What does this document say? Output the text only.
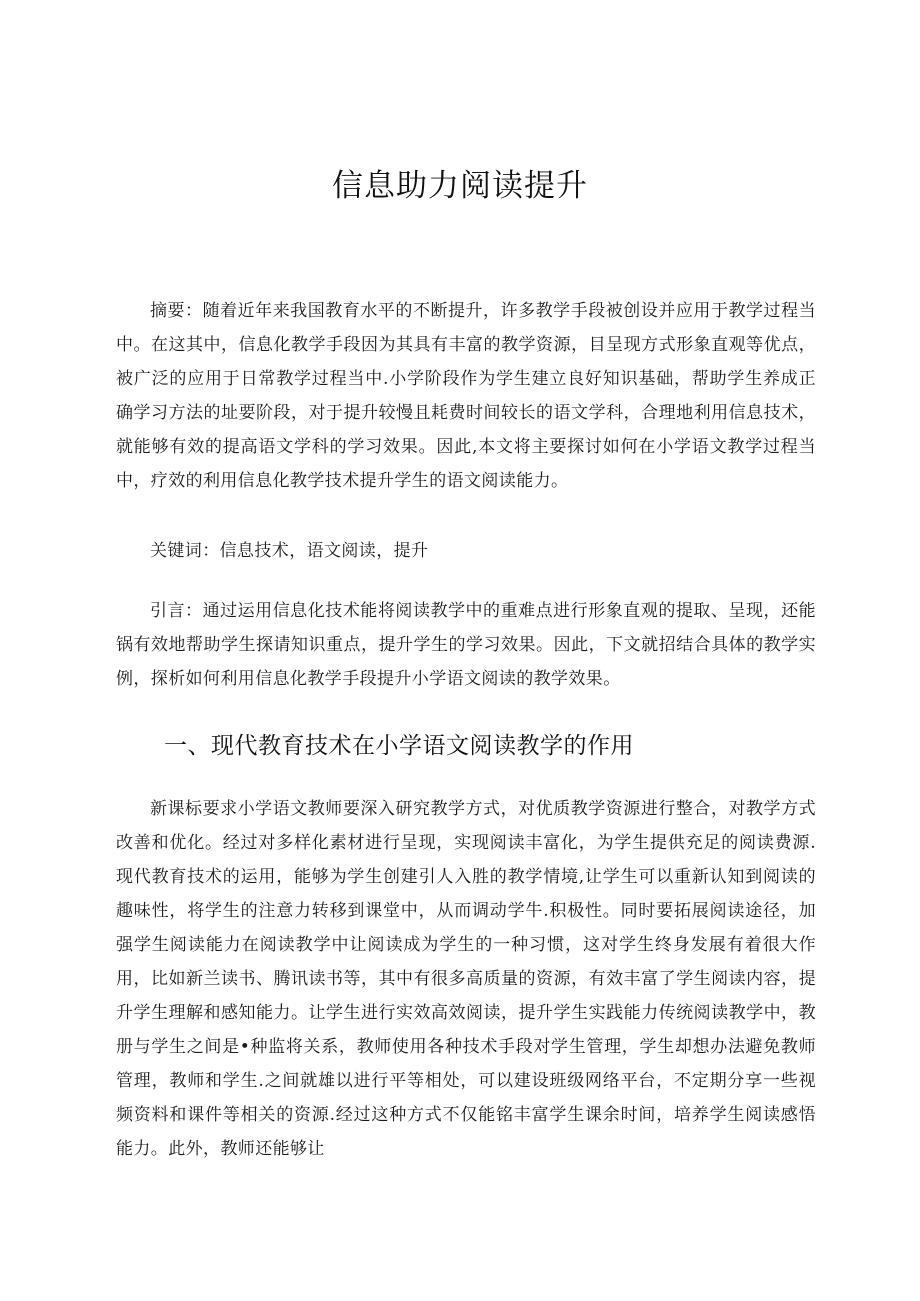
信息助力阅读提升

摘要：随着近年来我国教育水平的不断提升，许多教学手段被创设并应用于教学过程当中。在这其中，信息化教学手段因为其具有丰富的教学资源，目呈现方式形象直观等优点，被广泛的应用于日常教学过程当中.小学阶段作为学生建立良好知识基础，帮助学生养成正确学习方法的址要阶段，对于提升较慢且耗费时间较长的语文学科，合理地利用信息技术，就能够有效的提高语文学科的学习效果。因此,本文将主要探讨如何在小学语文教学过程当中，疗效的利用信息化教学技术提升学生的语文阅读能力。

关键词：信息技术，语文阅读，提升

引言：通过运用信息化技术能将阅读教学中的重难点进行形象直观的提取、呈现，还能锅有效地帮助学生探请知识重点，提升学生的学习效果。因此，下文就招结合具体的教学实例，探析如何利用信息化教学手段提升小学语文阅读的教学效果。

一、现代教育技术在小学语文阅读教学的作用

新课标要求小学语文教师要深入研究教学方式，对优质教学资源进行整合，对教学方式改善和优化。经过对多样化素材进行呈现，实现阅读丰富化，为学生提供充足的阅读费源.现代教育技术的运用，能够为学生创建引人入胜的教学情境,让学生可以重新认知到阅读的趣味性，将学生的注意力转移到课堂中，从而调动学牛.积极性。同时要拓展阅读途径，加强学生阅读能力在阅读教学中让阅读成为学生的一种习惯，这对学生终身发展有着很大作用，比如新兰读书、腾讯读书等，其中有很多高质量的资源，有效丰富了学生阅读内容，提升学生理解和感知能力。让学生进行实效高效阅读，提升学生实践能力传统阅读教学中，教册与学生之间是•种监将关系，教师使用各种技术手段对学生管理，学生却想办法避免教师管理，教师和学生.之间就雄以进行平等相处，可以建设班级网络平台，不定期分享一些视频资料和课件等相关的资源.经过这种方式不仅能铭丰富学生课余时间，培养学生阅读感悟能力。此外，教师还能够让
